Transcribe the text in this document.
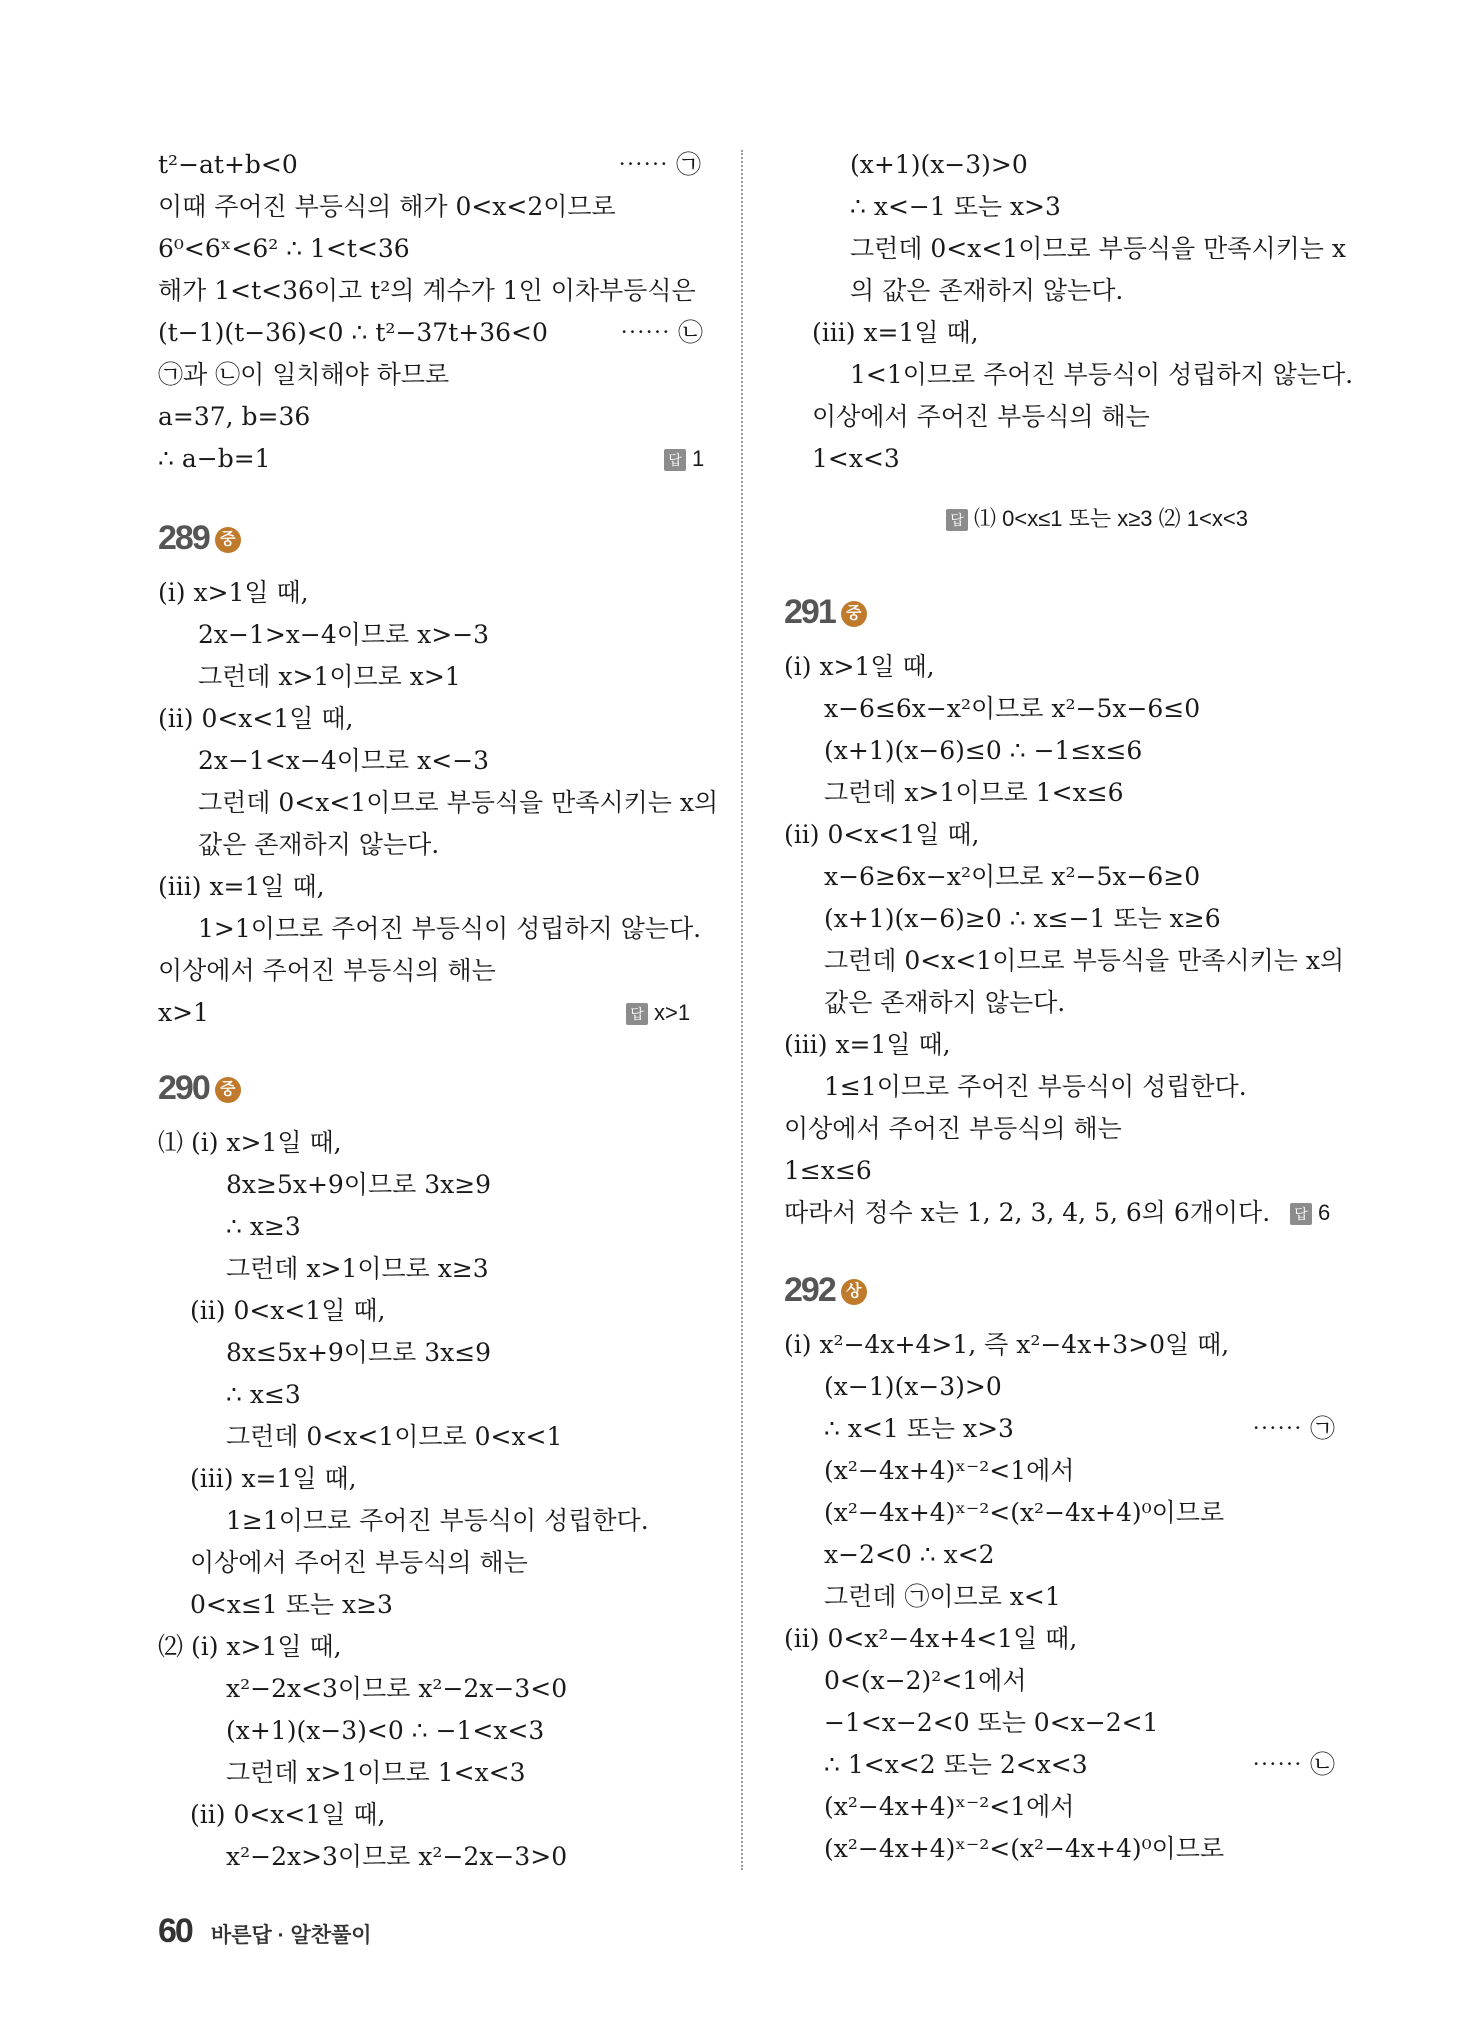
t²−at+b<0	⋯⋯ ㉠
이때 주어진 부등식의 해가 0<x<2이므로
6⁰<6ˣ<6² ∴ 1<t<36
해가 1<t<36이고 t²의 계수가 1인 이차부등식은
(t−1)(t−36)<0 ∴ t²−37t+36<0	⋯⋯ ㉡
㉠과 ㉡이 일치해야 하므로
a=37, b=36
∴ a−b=1	답 1
289 중
(ⅰ) x>1일 때,
2x−1>x−4이므로 x>−3
그런데 x>1이므로 x>1
(ⅱ) 0<x<1일 때,
2x−1<x−4이므로 x<−3
그런데 0<x<1이므로 부등식을 만족시키는 x의
값은 존재하지 않는다.
(ⅲ) x=1일 때,
1>1이므로 주어진 부등식이 성립하지 않는다.
이상에서 주어진 부등식의 해는
x>1	답 x>1
290 중
⑴ (ⅰ) x>1일 때,
8x≥5x+9이므로 3x≥9
∴ x≥3
그런데 x>1이므로 x≥3
(ⅱ) 0<x<1일 때,
8x≤5x+9이므로 3x≤9
∴ x≤3
그런데 0<x<1이므로 0<x<1
(ⅲ) x=1일 때,
1≥1이므로 주어진 부등식이 성립한다.
이상에서 주어진 부등식의 해는
0<x≤1 또는 x≥3
⑵ (ⅰ) x>1일 때,
x²−2x<3이므로 x²−2x−3<0
(x+1)(x−3)<0 ∴ −1<x<3
그런데 x>1이므로 1<x<3
(ⅱ) 0<x<1일 때,
x²−2x>3이므로 x²−2x−3>0
(x+1)(x−3)>0
∴ x<−1 또는 x>3
그런데 0<x<1이므로 부등식을 만족시키는 x
의 값은 존재하지 않는다.
(ⅲ) x=1일 때,
1<1이므로 주어진 부등식이 성립하지 않는다.
이상에서 주어진 부등식의 해는
1<x<3
답 ⑴ 0<x≤1 또는 x≥3 ⑵ 1<x<3
291 중
(ⅰ) x>1일 때,
x−6≤6x−x²이므로 x²−5x−6≤0
(x+1)(x−6)≤0 ∴ −1≤x≤6
그런데 x>1이므로 1<x≤6
(ⅱ) 0<x<1일 때,
x−6≥6x−x²이므로 x²−5x−6≥0
(x+1)(x−6)≥0 ∴ x≤−1 또는 x≥6
그런데 0<x<1이므로 부등식을 만족시키는 x의
값은 존재하지 않는다.
(ⅲ) x=1일 때,
1≤1이므로 주어진 부등식이 성립한다.
이상에서 주어진 부등식의 해는
1≤x≤6
따라서 정수 x는 1, 2, 3, 4, 5, 6의 6개이다.	답 6
292 상
(ⅰ) x²−4x+4>1, 즉 x²−4x+3>0일 때,
(x−1)(x−3)>0
∴ x<1 또는 x>3	⋯⋯ ㉠
(x²−4x+4)ˣ⁻²<1에서
(x²−4x+4)ˣ⁻²<(x²−4x+4)⁰이므로
x−2<0 ∴ x<2
그런데 ㉠이므로 x<1
(ⅱ) 0<x²−4x+4<1일 때,
0<(x−2)²<1에서
−1<x−2<0 또는 0<x−2<1
∴ 1<x<2 또는 2<x<3	⋯⋯ ㉡
(x²−4x+4)ˣ⁻²<1에서
(x²−4x+4)ˣ⁻²<(x²−4x+4)⁰이므로
60 바른답 · 알찬풀이
